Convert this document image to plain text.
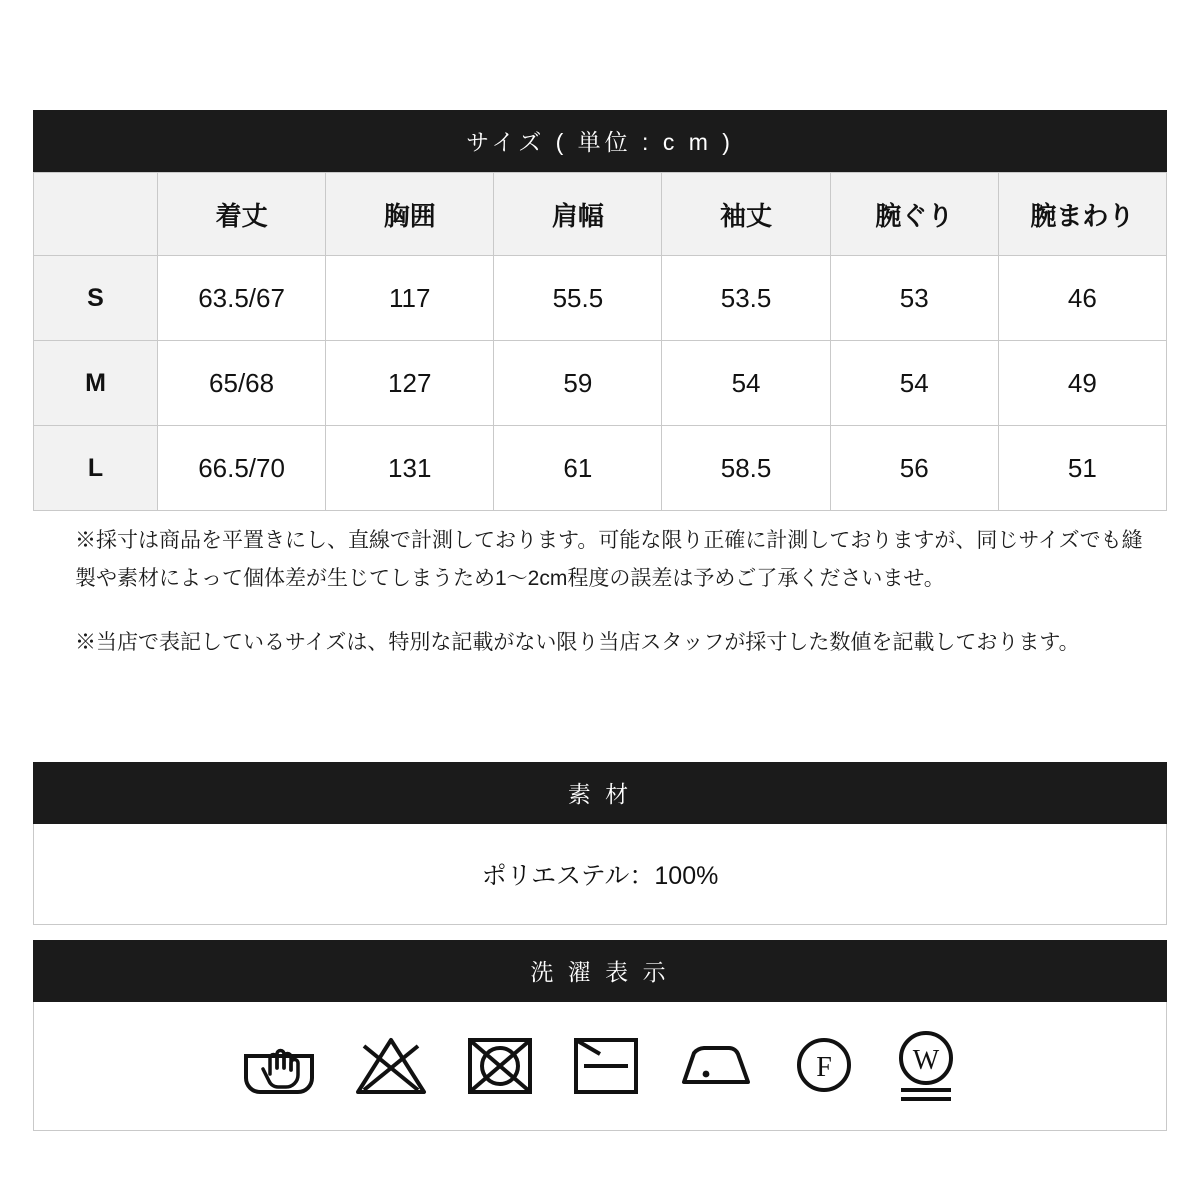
サイズ ( 単位 : c m )
	着丈	胸囲	肩幅	袖丈	腕ぐり	腕まわり
S	63.5/67	117	55.5	53.5	53	46
M	65/68	127	59	54	54	49
L	66.5/70	131	61	58.5	56	51

※採寸は商品を平置きにし、直線で計測しております。可能な限り正確に計測しておりますが、同じサイズでも縫製や素材によって個体差が生じてしまうため1〜2cm程度の誤差は予めご了承くださいませ。

※当店で表記しているサイズは、特別な記載がない限り当店スタッフが採寸した数値を記載しております。

素 材
ポリエステル：100%
洗 濯 表 示
F	W
